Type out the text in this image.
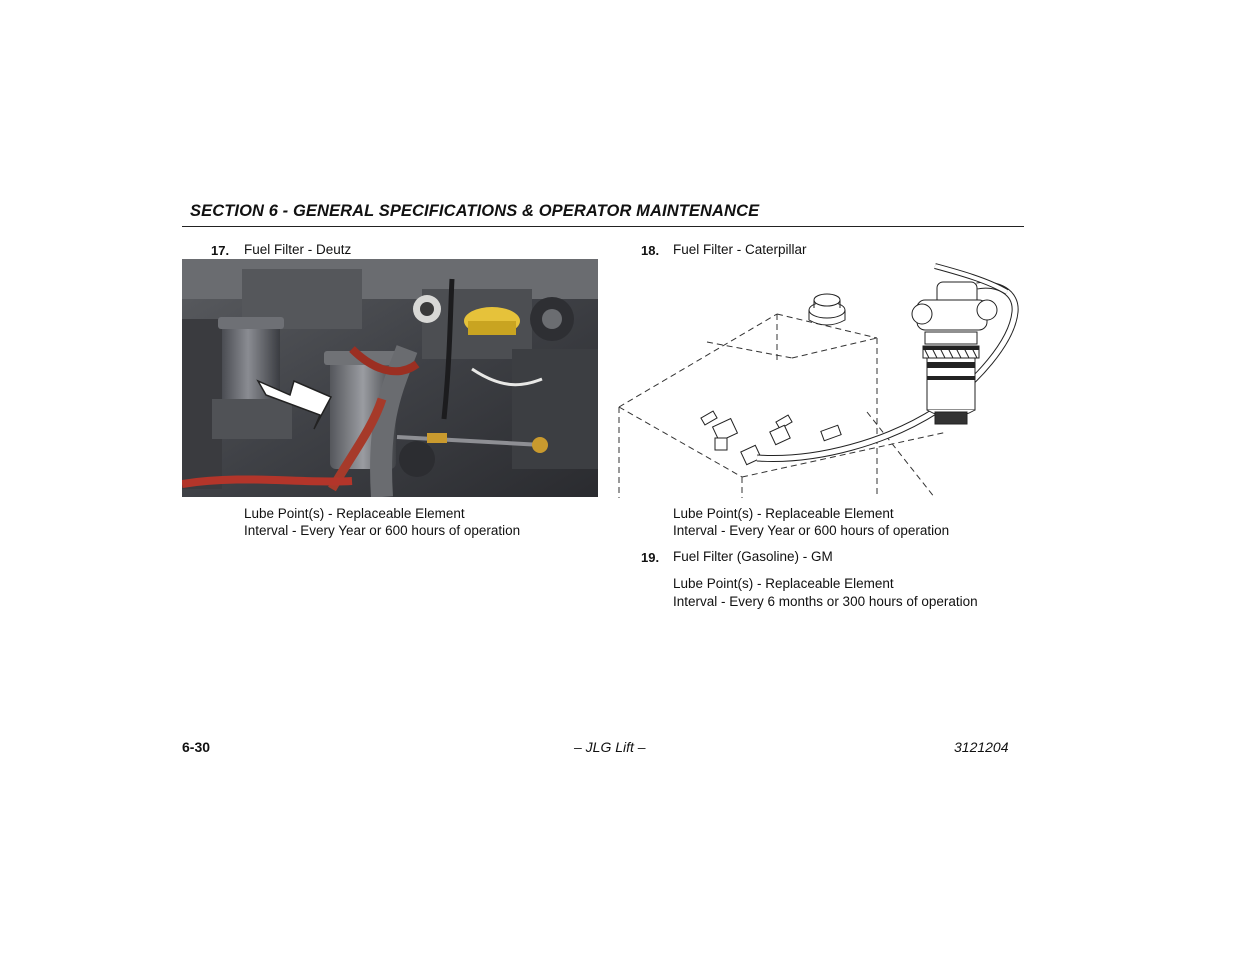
SECTION 6 - GENERAL SPECIFICATIONS & OPERATOR MAINTENANCE
17. Fuel Filter - Deutz
Lube Point(s) - Replaceable Element
Interval - Every Year or 600 hours of operation
18. Fuel Filter - Caterpillar
Lube Point(s) - Replaceable Element
Interval - Every Year or 600 hours of operation
19. Fuel Filter (Gasoline) - GM
Lube Point(s) - Replaceable Element
Interval - Every 6 months or 300 hours of operation
6-30	– JLG Lift –	3121204
